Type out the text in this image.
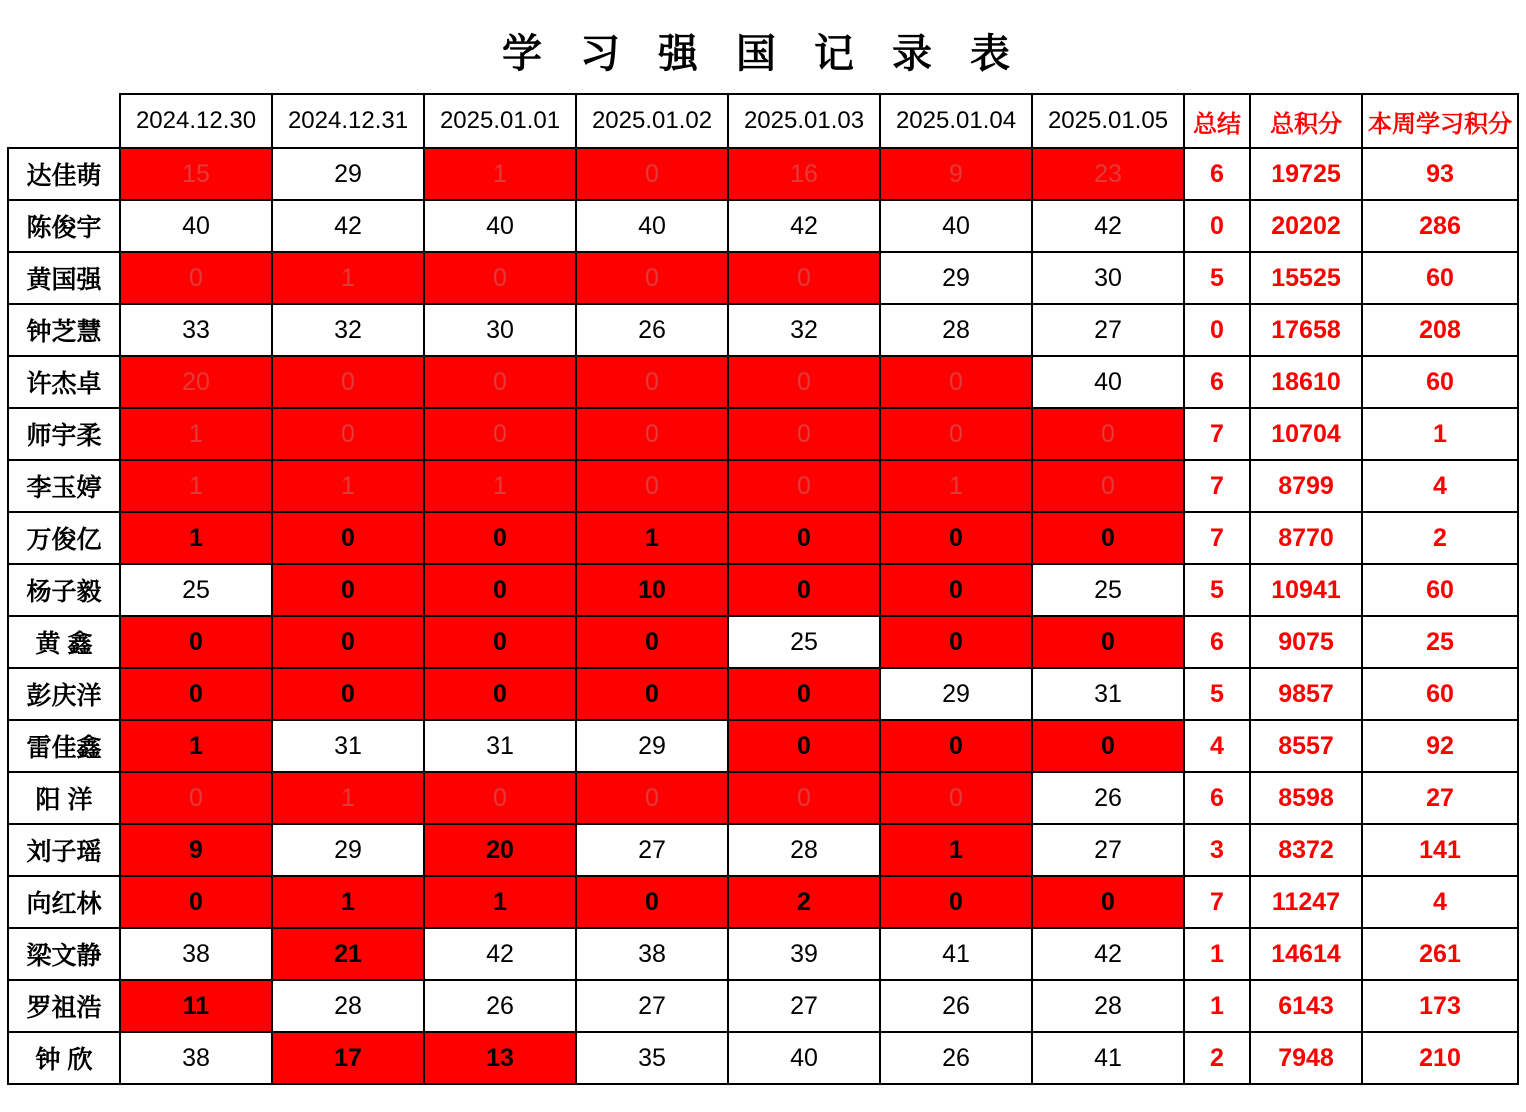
学 习 强 国 记 录 表
	2024.12.30	2024.12.31	2025.01.01	2025.01.02	2025.01.03	2025.01.04	2025.01.05	总结	总积分	本周学习积分
达佳萌	15	29	1	0	16	9	23	6	19725	93
陈俊宇	40	42	40	40	42	40	42	0	20202	286
黄国强	0	1	0	0	0	29	30	5	15525	60
钟芝慧	33	32	30	26	32	28	27	0	17658	208
许杰卓	20	0	0	0	0	0	40	6	18610	60
师宇柔	1	0	0	0	0	0	0	7	10704	1
李玉婷	1	1	1	0	0	1	0	7	8799	4
万俊亿	1	0	0	1	0	0	0	7	8770	2
杨子毅	25	0	0	10	0	0	25	5	10941	60
黄 鑫	0	0	0	0	25	0	0	6	9075	25
彭庆洋	0	0	0	0	0	29	31	5	9857	60
雷佳鑫	1	31	31	29	0	0	0	4	8557	92
阳 洋	0	1	0	0	0	0	26	6	8598	27
刘子瑶	9	29	20	27	28	1	27	3	8372	141
向红林	0	1	1	0	2	0	0	7	11247	4
梁文静	38	21	42	38	39	41	42	1	14614	261
罗祖浩	11	28	26	27	27	26	28	1	6143	173
钟 欣	38	17	13	35	40	26	41	2	7948	210
